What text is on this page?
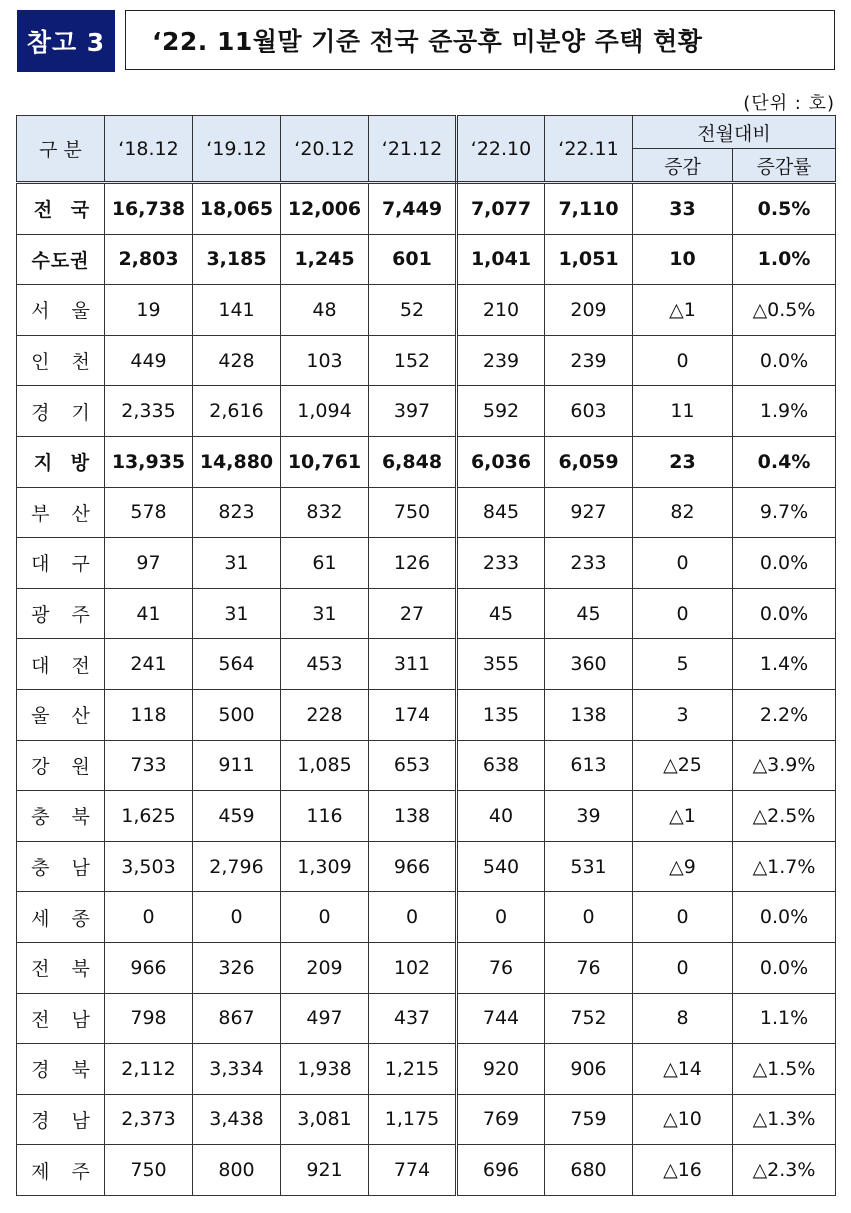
참고 3	‘22. 11월말 기준 전국 준공후 미분양 주택 현황
(단위 : 호)
구 분	‘18.12	‘19.12	‘20.12	‘21.12	‘22.10	‘22.11	전월대비	
							증감	증감률
전 국	16,738	18,065	12,006	7,449	7,077	7,110	33	0.5%
수도권	2,803	3,185	1,245	601	1,041	1,051	10	1.0%
서 울	19	141	48	52	210	209	△1	△0.5%
인 천	449	428	103	152	239	239	0	0.0%
경 기	2,335	2,616	1,094	397	592	603	11	1.9%
지 방	13,935	14,880	10,761	6,848	6,036	6,059	23	0.4%
부 산	578	823	832	750	845	927	82	9.7%
대 구	97	31	61	126	233	233	0	0.0%
광 주	41	31	31	27	45	45	0	0.0%
대 전	241	564	453	311	355	360	5	1.4%
울 산	118	500	228	174	135	138	3	2.2%
강 원	733	911	1,085	653	638	613	△25	△3.9%
충 북	1,625	459	116	138	40	39	△1	△2.5%
충 남	3,503	2,796	1,309	966	540	531	△9	△1.7%
세 종	0	0	0	0	0	0	0	0.0%
전 북	966	326	209	102	76	76	0	0.0%
전 남	798	867	497	437	744	752	8	1.1%
경 북	2,112	3,334	1,938	1,215	920	906	△14	△1.5%
경 남	2,373	3,438	3,081	1,175	769	759	△10	△1.3%
제 주	750	800	921	774	696	680	△16	△2.3%
